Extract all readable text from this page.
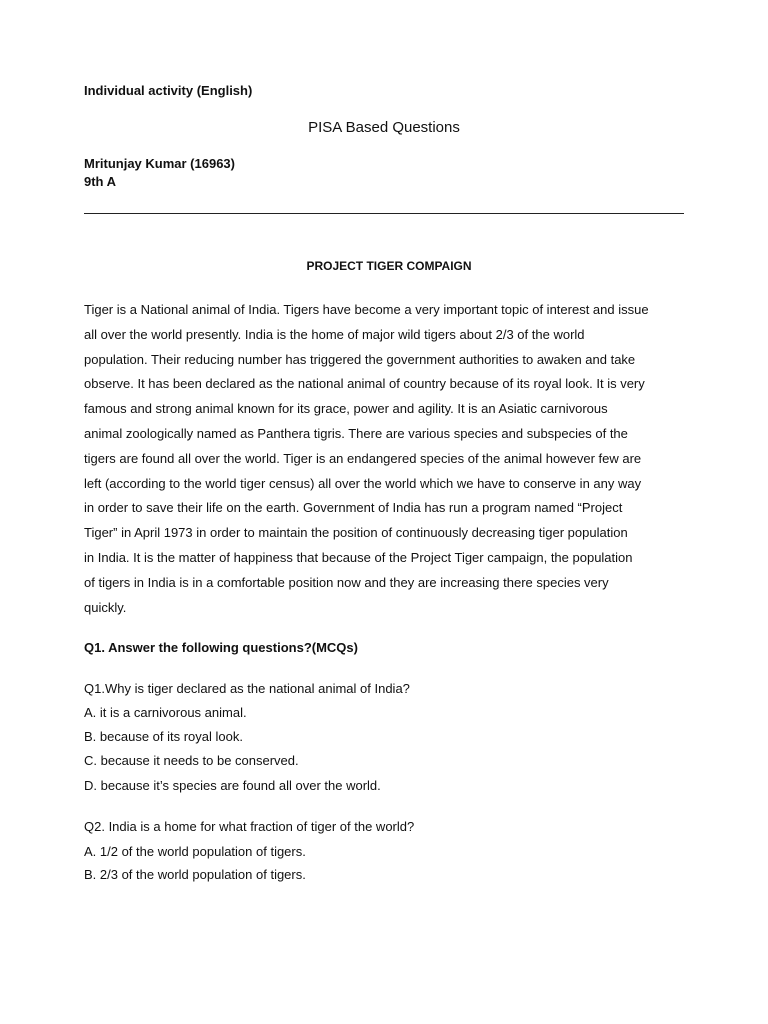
Individual activity (English)

PISA Based Questions

Mritunjay Kumar (16963)

9th A

PROJECT TIGER COMPAIGN

Tiger is a National animal of India. Tigers have become a very important topic of interest and issue
all over the world presently. India is the home of major wild tigers about 2/3 of the world
population. Their reducing number has triggered the government authorities to awaken and take
observe. It has been declared as the national animal of country because of its royal look. It is very
famous and strong animal known for its grace, power and agility. It is an Asiatic carnivorous
animal zoologically named as Panthera tigris. There are various species and subspecies of the
tigers are found all over the world. Tiger is an endangered species of the animal however few are
left (according to the world tiger census) all over the world which we have to conserve in any way
in order to save their life on the earth. Government of India has run a program named “Project
Tiger” in April 1973 in order to maintain the position of continuously decreasing tiger population
in India. It is the matter of happiness that because of the Project Tiger campaign, the population
of tigers in India is in a comfortable position now and they are increasing there species very
quickly.

Q1. Answer the following questions?(MCQs)

Q1.Why is tiger declared as the national animal of India?

A. it is a carnivorous animal.

B. because of its royal look.

C. because it needs to be conserved.

D. because it’s species are found all over the world.

Q2. India is a home for what fraction of tiger of the world?

A. 1/2 of the world population of tigers.

B. 2/3 of the world population of tigers.
